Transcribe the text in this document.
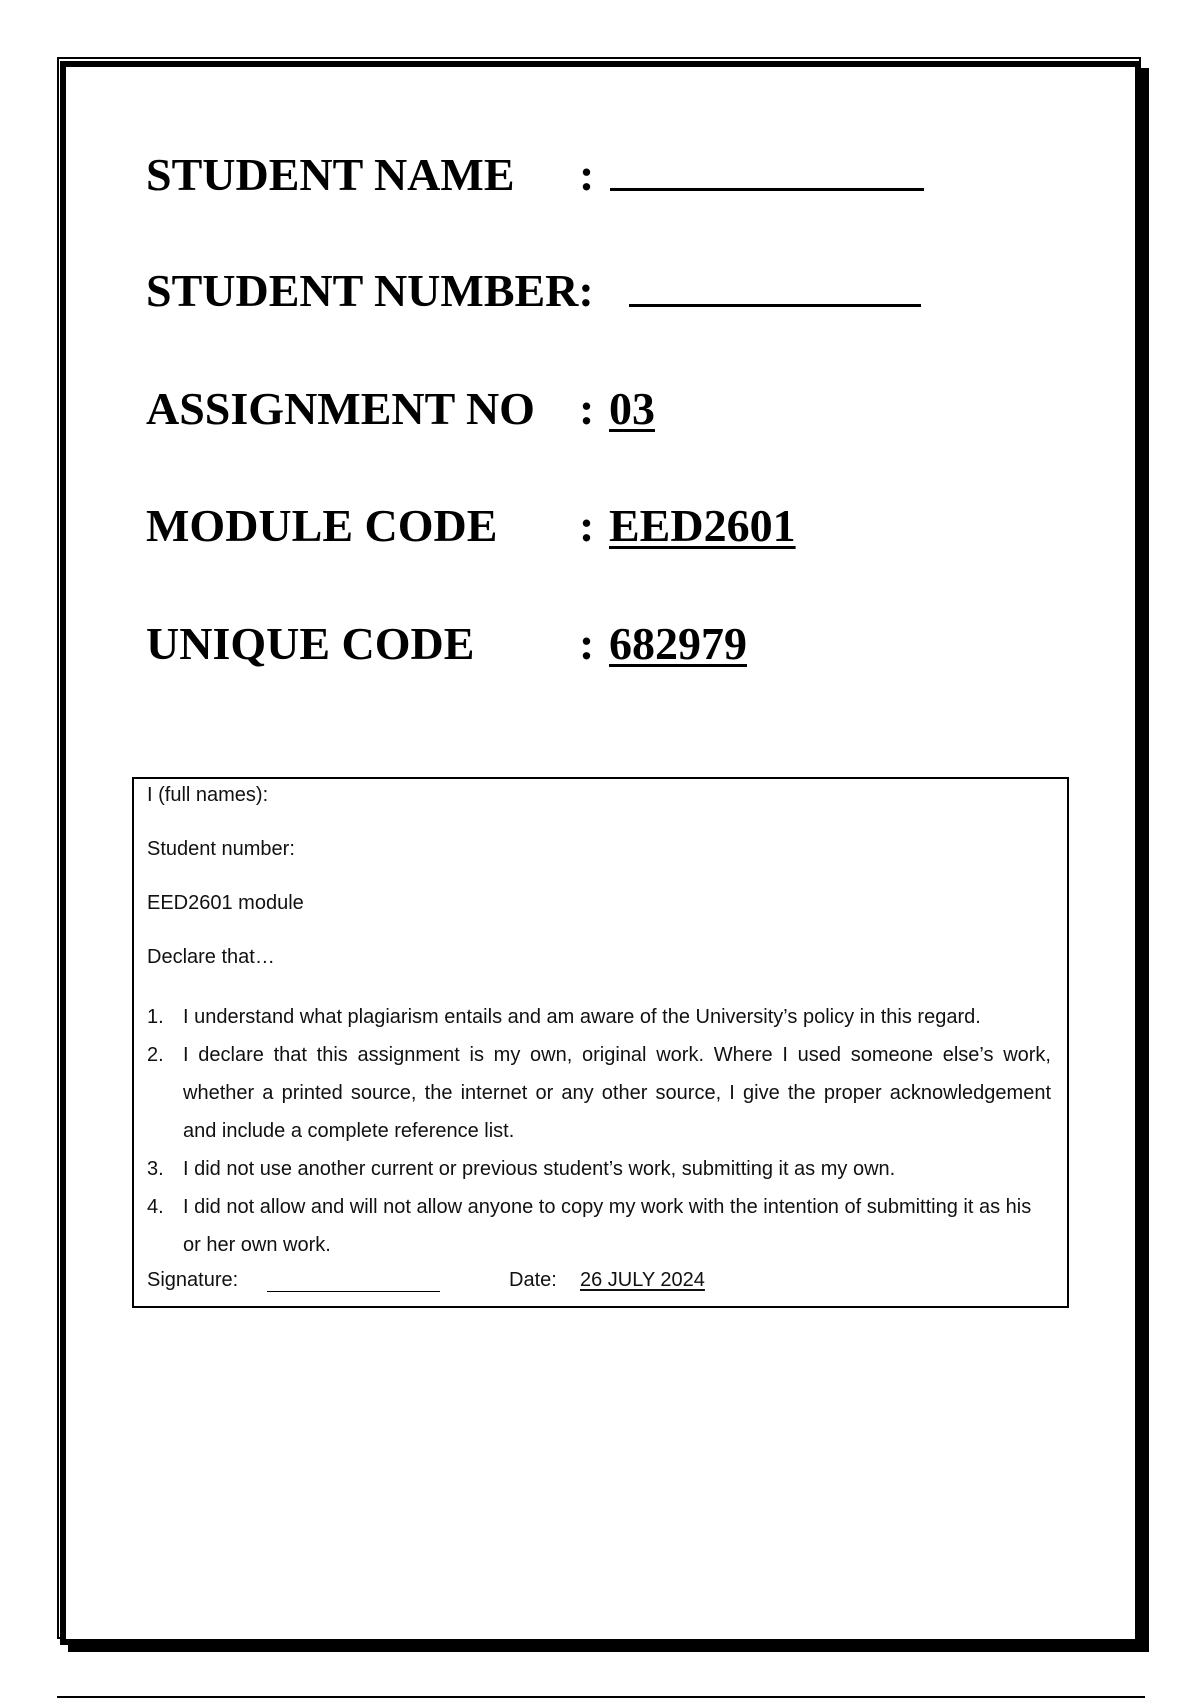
STUDENT NAME :
STUDENT NUMBER:
ASSIGNMENT NO : 03
MODULE CODE : EED2601
UNIQUE CODE : 682979
I (full names):
Student number:
EED2601 module
Declare that…
1. I understand what plagiarism entails and am aware of the University’s policy in this regard.
2. I declare that this assignment is my own, original work. Where I used someone else’s work, whether a printed source, the internet or any other source, I give the proper acknowledgement and include a complete reference list.
3. I did not use another current or previous student’s work, submitting it as my own.
4. I did not allow and will not allow anyone to copy my work with the intention of submitting it as his or her own work.
Signature:	Date: 26 JULY 2024
